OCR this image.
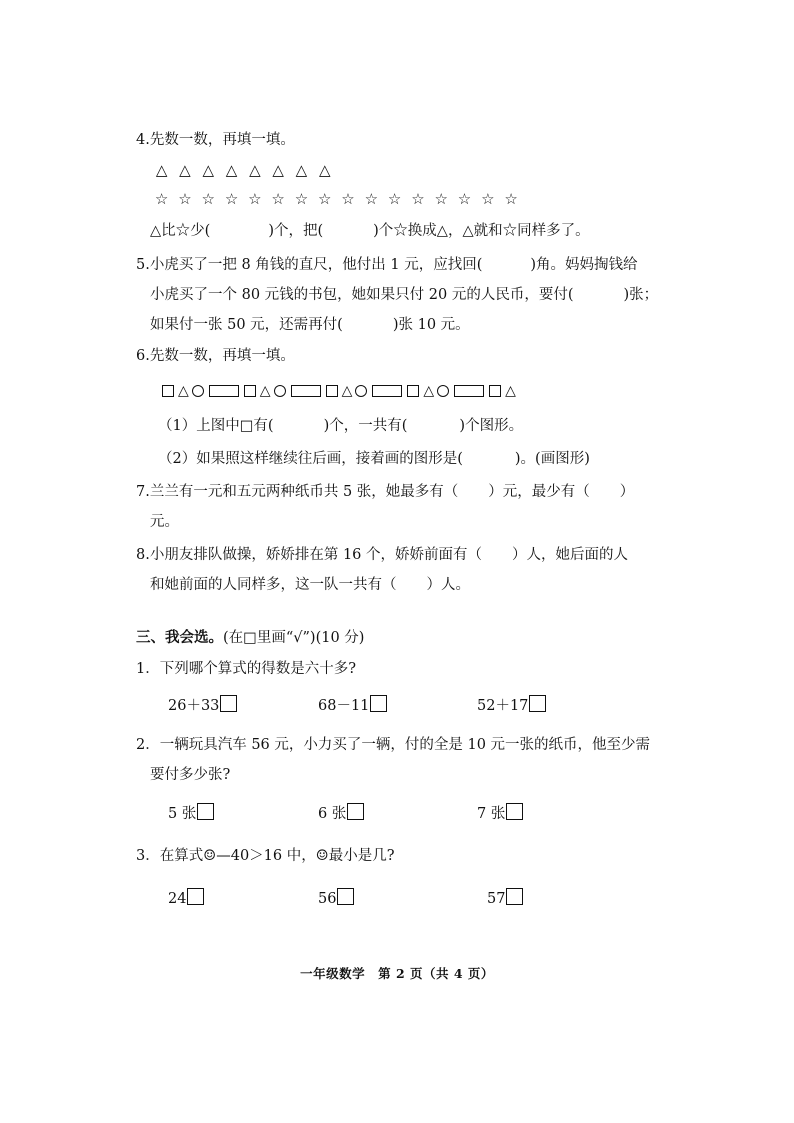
4.先数一数，再填一填。
△ △ △ △ △ △ △ △
☆ ☆ ☆ ☆ ☆ ☆ ☆ ☆ ☆ ☆ ☆ ☆ ☆ ☆ ☆ ☆
△比☆少(	)个，把(	)个☆换成△，△就和☆同样多了。
5.小虎买了一把 8 角钱的直尺，他付出 1 元，应找回(	)角。妈妈掏钱给
小虎买了一个 80 元钱的书包，她如果只付 20 元的人民币，要付(	)张；
如果付一张 50 元，还需再付(	)张 10 元。
6.先数一数，再填一填。
△	△	△	△	△
（1）上图中□有(	)个，一共有(	)个图形。
（2）如果照这样继续往后画，接着画的图形是(	)。(画图形)
7.兰兰有一元和五元两种纸币共 5 张，她最多有（ ）元，最少有（ ）
元。
8.小朋友排队做操，娇娇排在第 16 个，娇娇前面有（ ）人，她后面的人
和她前面的人同样多，这一队一共有（ ）人。
三、我会选。(在□里画“√”)(10 分)
1．下列哪个算式的得数是六十多?
26＋33	68－11	52＋17
2．一辆玩具汽车 56 元，小力买了一辆，付的全是 10 元一张的纸币，他至少需
要付多少张?
5 张	6 张	7 张
3．在算式☺—40＞16 中，☺最小是几?
24	56	57
一年级数学　第 2 页（共 4 页）
